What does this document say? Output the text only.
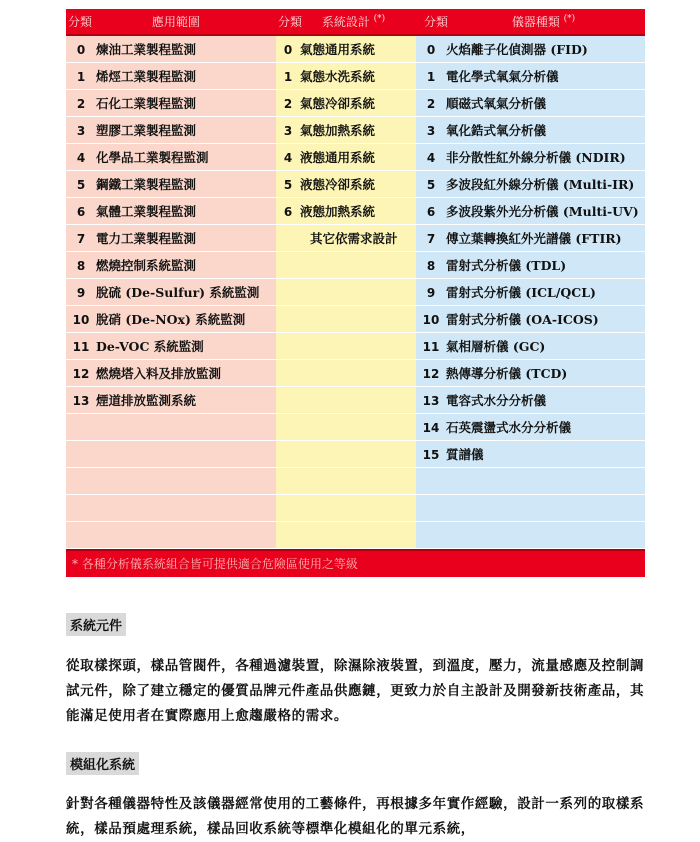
分類 應用範圍	分類 系統設計 (*)	分類 儀器種類 (*)
0 煉油工業製程監測	0 氣態通用系統	0 火焰離子化偵測器 (FID)
1 烯烴工業製程監測	1 氣態水洗系統	1 電化學式氧氣分析儀
2 石化工業製程監測	2 氣態冷卻系統	2 順磁式氧氣分析儀
3 塑膠工業製程監測	3 氣態加熱系統	3 氧化鋯式氧分析儀
4 化學品工業製程監測	4 液態通用系統	4 非分散性紅外線分析儀 (NDIR)
5 鋼鐵工業製程監測	5 液態冷卻系統	5 多波段紅外線分析儀 (Multi-IR)
6 氣體工業製程監測	6 液態加熱系統	6 多波段紫外光分析儀 (Multi-UV)
7 電力工業製程監測	其它依需求設計	7 傅立葉轉換紅外光譜儀 (FTIR)
8 燃燒控制系統監測		8 雷射式分析儀 (TDL)
9 脫硫 (De-Sulfur) 系統監測		9 雷射式分析儀 (ICL/QCL)
10 脫硝 (De-NOx) 系統監測		10 雷射式分析儀 (OA-ICOS)
11 De-VOC 系統監測		11 氣相層析儀 (GC)
12 燃燒塔入料及排放監測		12 熱傳導分析儀 (TCD)
13 煙道排放監測系統		13 電容式水分分析儀
		14 石英震盪式水分分析儀
		15 質譜儀

* 各種分析儀系統組合皆可提供適合危險區使用之等級
系統元件
從取樣探頭，樣品管閥件，各種過濾裝置，除濕除液裝置，到溫度，壓力，流量感應及控制調試元件，除了建立穩定的優質品牌元件產品供應鏈，更致力於自主設計及開發新技術產品，其能滿足使用者在實際應用上愈趨嚴格的需求。
模組化系統
針對各種儀器特性及該儀器經常使用的工藝條件，再根據多年實作經驗，設計一系列的取樣系統，樣品預處理系統，樣品回收系統等標準化模組化的單元系統，
